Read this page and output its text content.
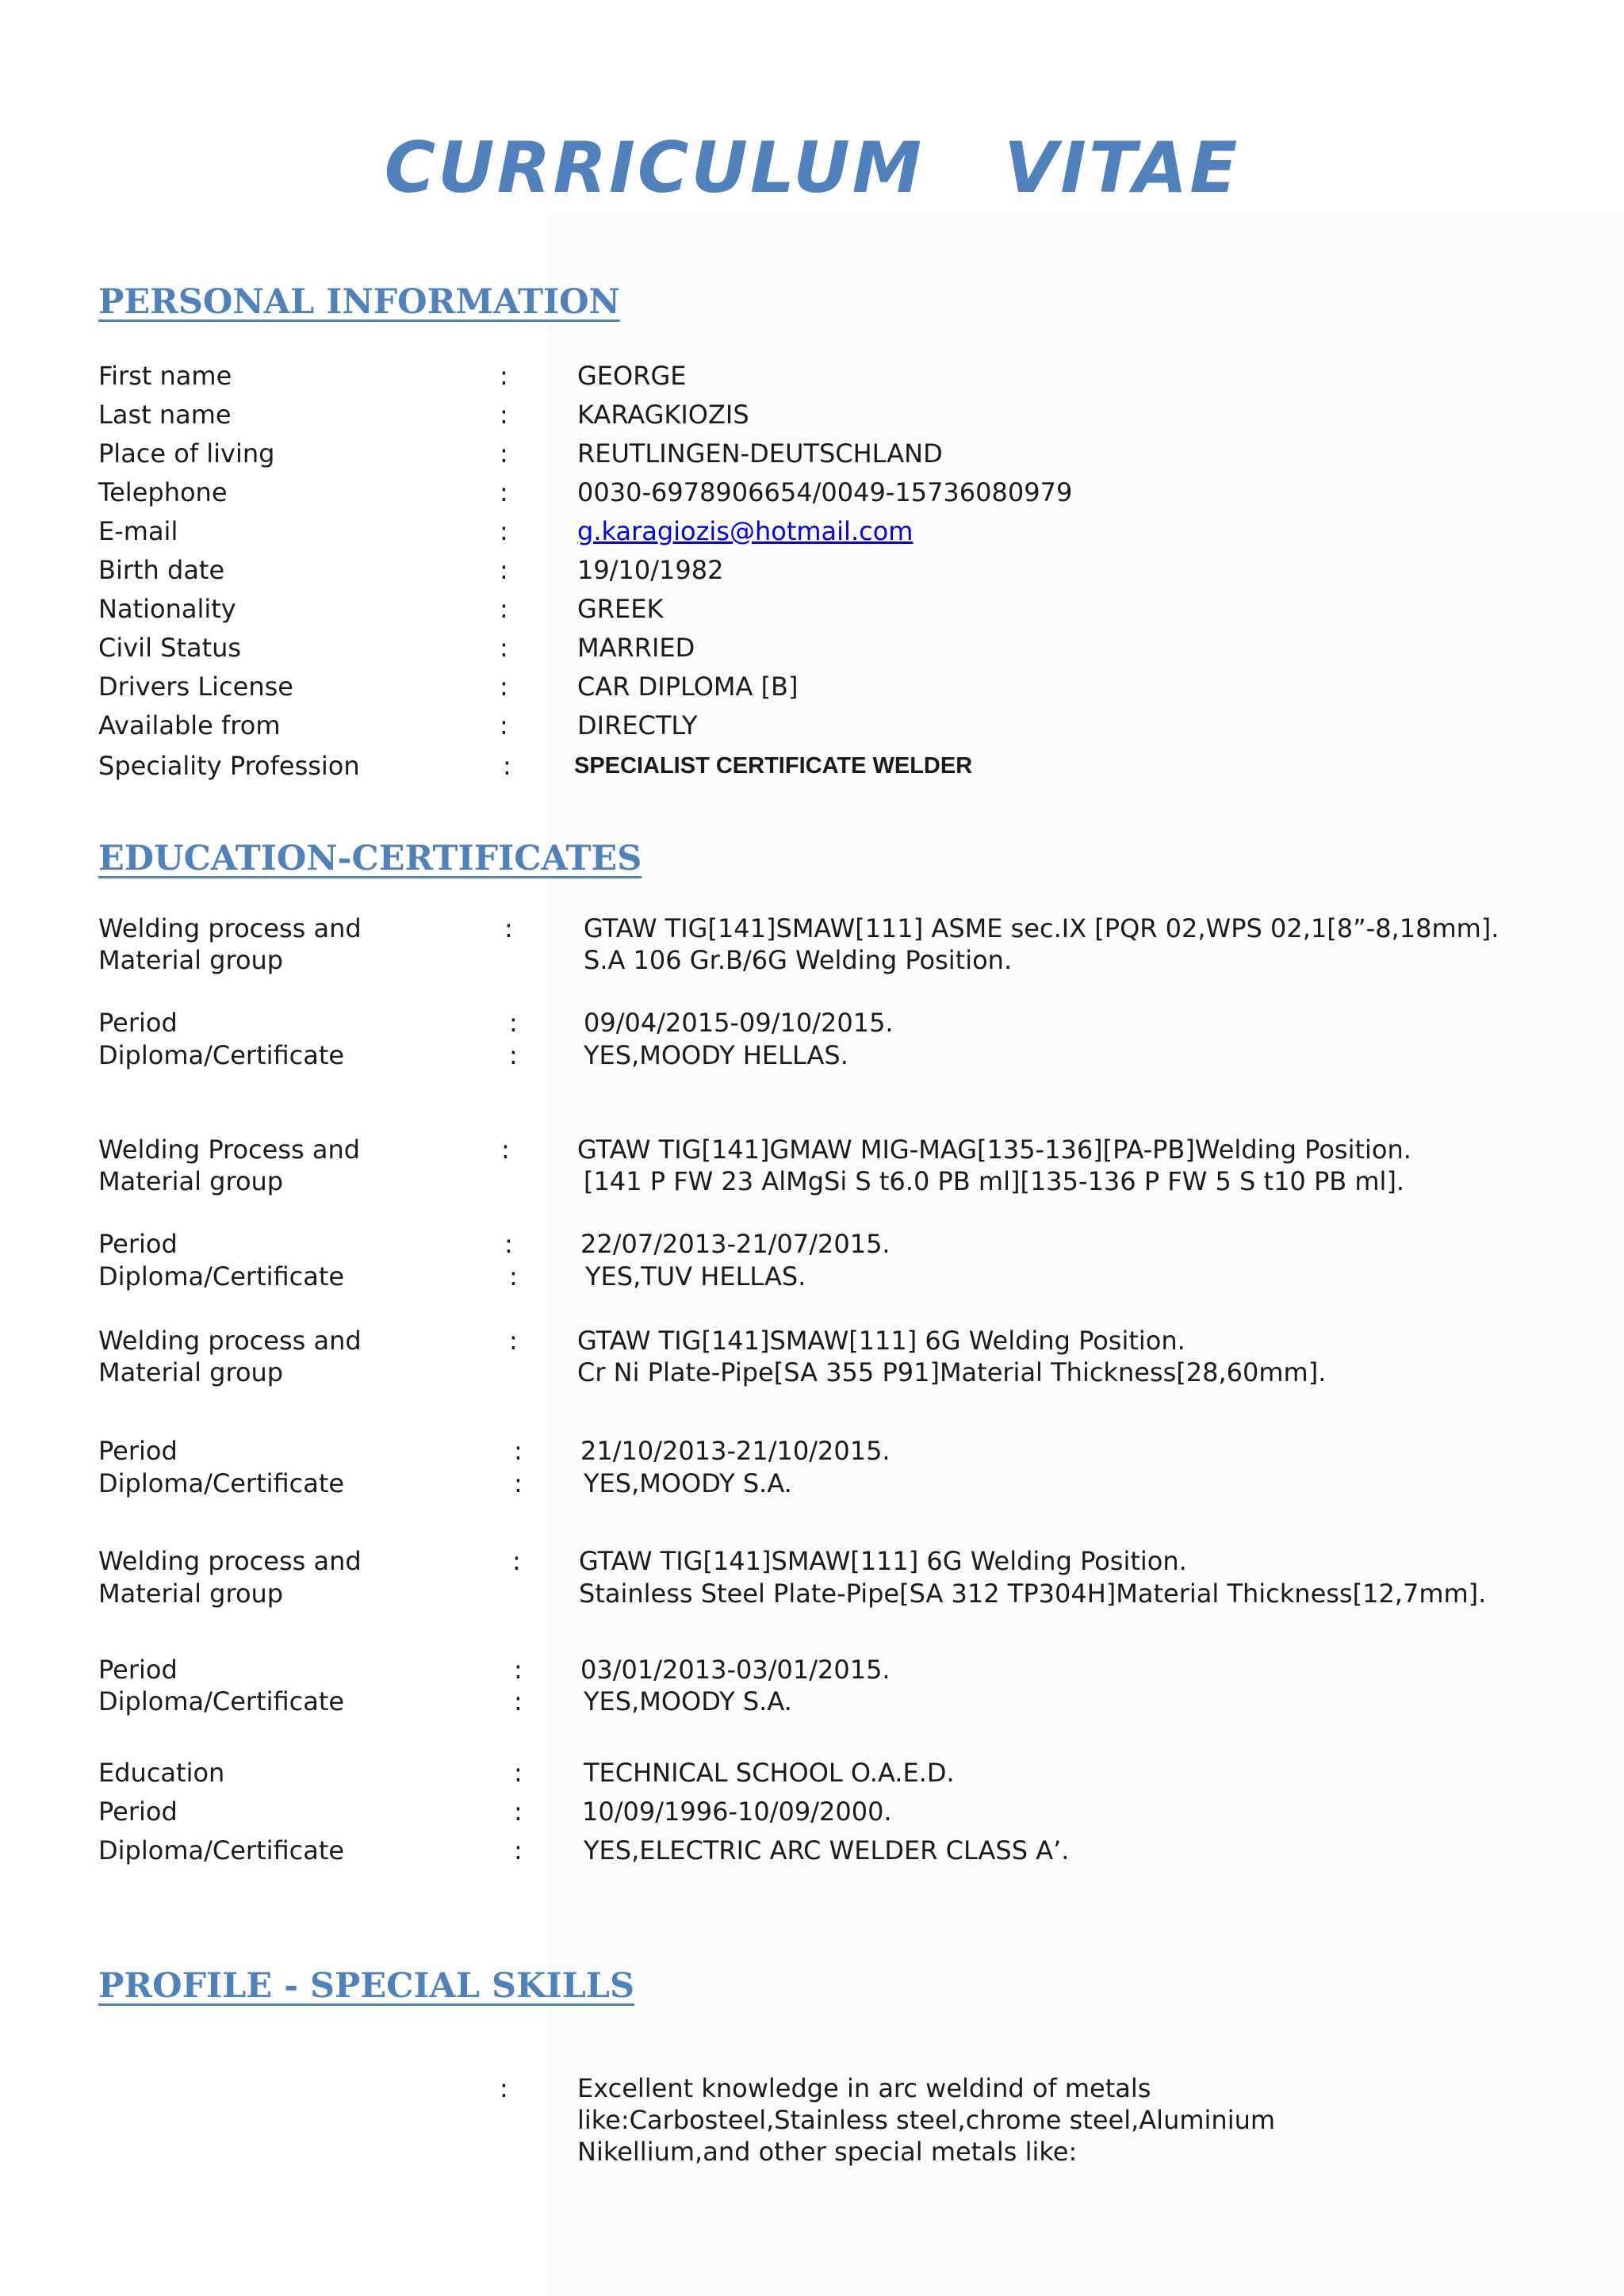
CURRICULUM   VITAE
PERSONAL INFORMATION
First name	:	GEORGE
Last name	:	KARAGKIOZIS
Place of living	:	REUTLINGEN-DEUTSCHLAND
Telephone	:	0030-6978906654/0049-15736080979
E-mail	:	g.karagiozis@hotmail.com
Birth date	:	19/10/1982
Nationality	:	GREEK
Civil Status	:	MARRIED
Drivers License	:	CAR DIPLOMA [B]
Available from	:	DIRECTLY
Speciality Profession	:	SPECIALIST CERTIFICATE WELDER
EDUCATION-CERTIFICATES
Welding process and
Material group
:	GTAW TIG[141]SMAW[111] ASME sec.IX [PQR 02,WPS 02,1[8”-8,18mm].
S.A 106 Gr.B/6G Welding Position.
Period	:	09/04/2015-09/10/2015.
Diploma/Certificate	:	YES,MOODY HELLAS.
Welding Process and
Material group
:	GTAW TIG[141]GMAW MIG-MAG[135-136][PA-PB]Welding Position.
[141 P FW 23 AlMgSi S t6.0 PB ml][135-136 P FW 5 S t10 PB ml].
Period	:	22/07/2013-21/07/2015.
Diploma/Certificate	:	YES,TUV HELLAS.
Welding process and
Material group
: GTAW TIG[141]SMAW[111] 6G Welding Position.
Cr Ni Plate-Pipe[SA 355 P91]Material Thickness[28,60mm].
Period	: 21/10/2013-21/10/2015.
Diploma/Certificate	: YES,MOODY S.A.
Welding process and
Material group
: GTAW TIG[141]SMAW[111] 6G Welding Position.
Stainless Steel Plate-Pipe[SA 312 TP304H]Material Thickness[12,7mm].
Period	: 03/01/2013-03/01/2015.
Diploma/Certificate	: YES,MOODY S.A.
Education	: TECHNICAL SCHOOL O.A.E.D.
Period	: 10/09/1996-10/09/2000.
Diploma/Certificate	: YES,ELECTRIC ARC WELDER CLASS A’.
PROFILE - SPECIAL SKILLS
:	Excellent knowledge in arc weldind of metals
like:Carbosteel,Stainless steel,chrome steel,Aluminium
Nikellium,and other special metals like:
